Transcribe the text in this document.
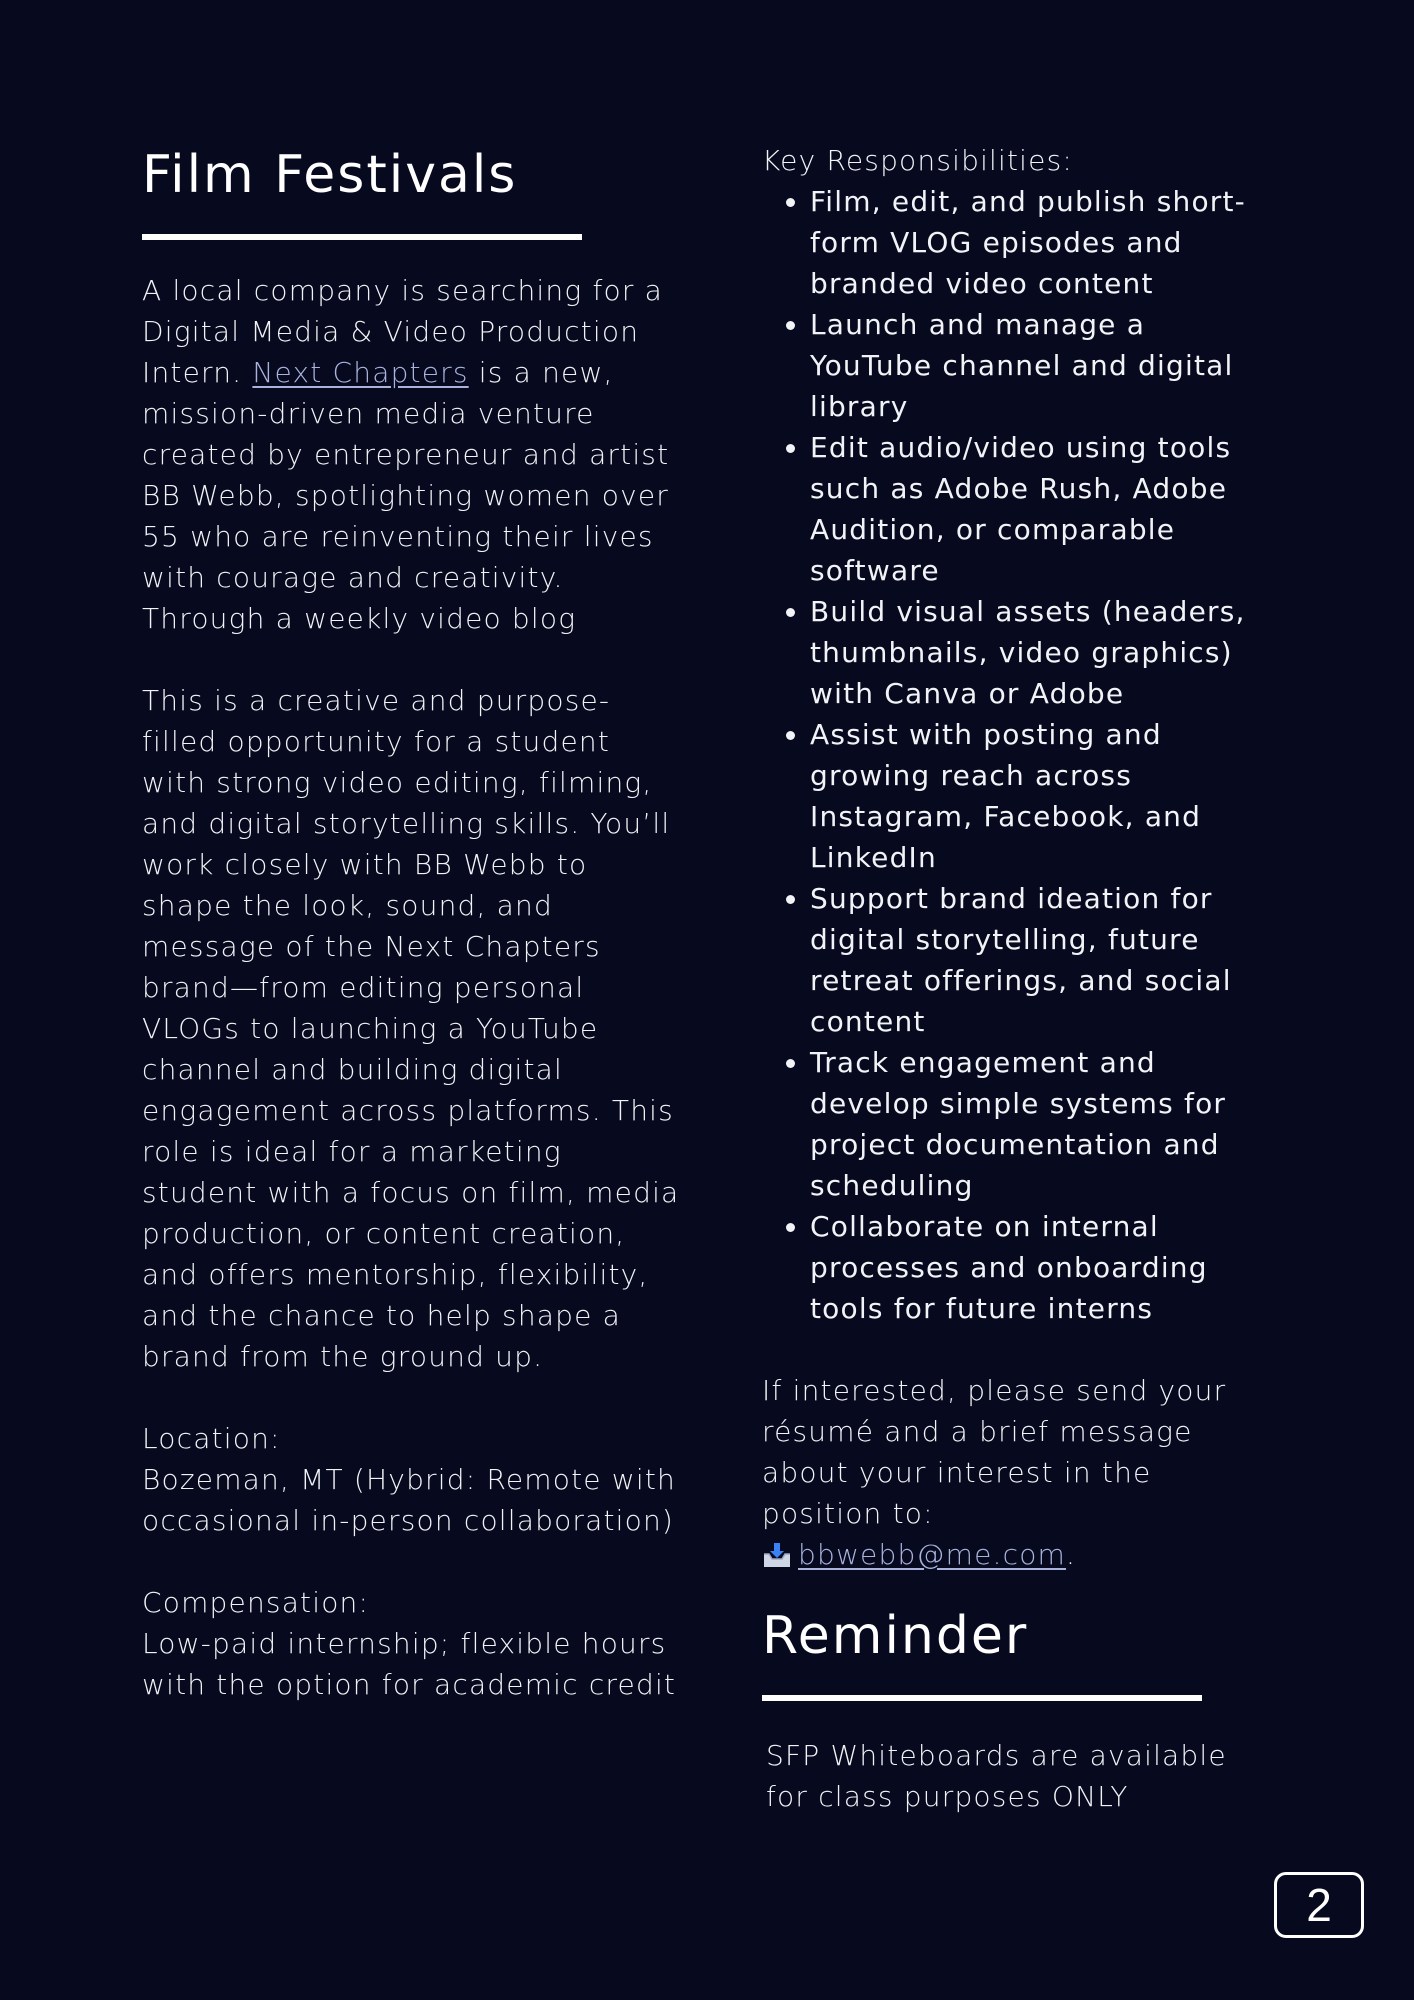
Film Festivals

A local company is searching for a Digital Media & Video Production Intern. Next Chapters is a new, mission-driven media venture created by entrepreneur and artist BB Webb, spotlighting women over 55 who are reinventing their lives with courage and creativity. Through a weekly video blog

This is a creative and purpose-filled opportunity for a student with strong video editing, filming, and digital storytelling skills. You’ll work closely with BB Webb to shape the look, sound, and message of the Next Chapters brand—from editing personal VLOGs to launching a YouTube channel and building digital engagement across platforms. This role is ideal for a marketing student with a focus on film, media production, or content creation, and offers mentorship, flexibility, and the chance to help shape a brand from the ground up.

Location:
Bozeman, MT (Hybrid: Remote with occasional in-person collaboration)
Compensation:
Low-paid internship; flexible hours with the option for academic credit

Key Responsibilities:

• Film, edit, and publish short-form VLOG episodes and branded video content
• Launch and manage a YouTube channel and digital library
• Edit audio/video using tools such as Adobe Rush, Adobe Audition, or comparable software
• Build visual assets (headers, thumbnails, video graphics) with Canva or Adobe
• Assist with posting and growing reach across Instagram, Facebook, and LinkedIn
• Support brand ideation for digital storytelling, future retreat offerings, and social content
• Track engagement and develop simple systems for project documentation and scheduling
• Collaborate on internal processes and onboarding tools for future interns

If interested, please send your résumé and a brief message about your interest in the position to:
bbwebb@me.com.

Reminder

SFP Whiteboards are available for class purposes ONLY

2
